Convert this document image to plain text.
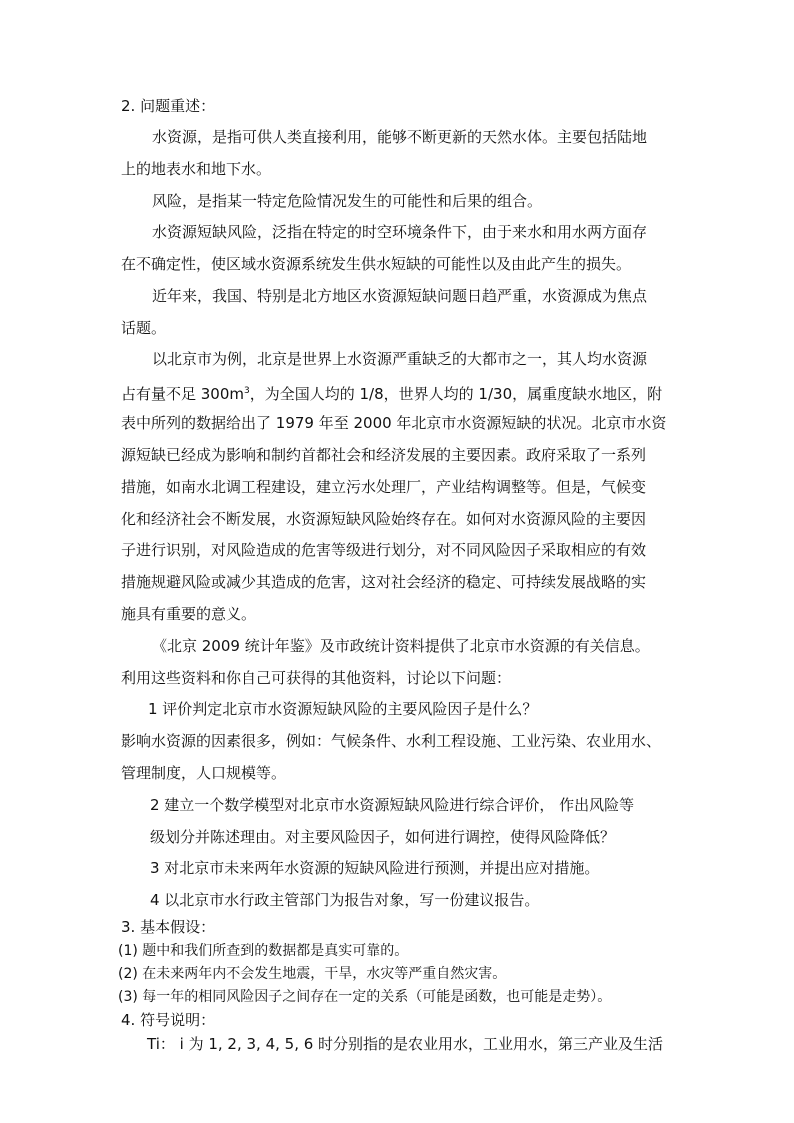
2. 问题重述：
水资源，是指可供人类直接利用，能够不断更新的天然水体。主要包括陆地
上的地表水和地下水。
风险，是指某一特定危险情况发生的可能性和后果的组合。
水资源短缺风险，泛指在特定的时空环境条件下，由于来水和用水两方面存
在不确定性，使区域水资源系统发生供水短缺的可能性以及由此产生的损失。
近年来，我国、特别是北方地区水资源短缺问题日趋严重，水资源成为焦点
话题。
以北京市为例，北京是世界上水资源严重缺乏的大都市之一，其人均水资源
占有量不足 $300m^3$，为全国人均的 1/8，世界人均的 1/30，属重度缺水地区，附
表中所列的数据给出了 1979 年至 2000 年北京市水资源短缺的状况。北京市水资
源短缺已经成为影响和制约首都社会和经济发展的主要因素。政府采取了一系列
措施，如南水北调工程建设，建立污水处理厂，产业结构调整等。但是，气候变
化和经济社会不断发展，水资源短缺风险始终存在。如何对水资源风险的主要因
子进行识别，对风险造成的危害等级进行划分，对不同风险因子采取相应的有效
措施规避风险或减少其造成的危害，这对社会经济的稳定、可持续发展战略的实
施具有重要的意义。
《北京 2009 统计年鉴》及市政统计资料提供了北京市水资源的有关信息。
利用这些资料和你自己可获得的其他资料，讨论以下问题：
1 评价判定北京市水资源短缺风险的主要风险因子是什么？
影响水资源的因素很多，例如：气候条件、水利工程设施、工业污染、农业用水、
管理制度，人口规模等。
2 建立一个数学模型对北京市水资源短缺风险进行综合评价， 作出风险等
级划分并陈述理由。对主要风险因子，如何进行调控，使得风险降低？
3 对北京市未来两年水资源的短缺风险进行预测，并提出应对措施。
4 以北京市水行政主管部门为报告对象，写一份建议报告。
3. 基本假设：
(1) 题中和我们所查到的数据都是真实可靠的。
(2) 在未来两年内不会发生地震，干旱，水灾等严重自然灾害。
(3) 每一年的相同风险因子之间存在一定的关系（可能是函数，也可能是走势）。
4. 符号说明：
Ti： i 为 1, 2, 3, 4, 5, 6 时分别指的是农业用水，工业用水，第三产业及生活
